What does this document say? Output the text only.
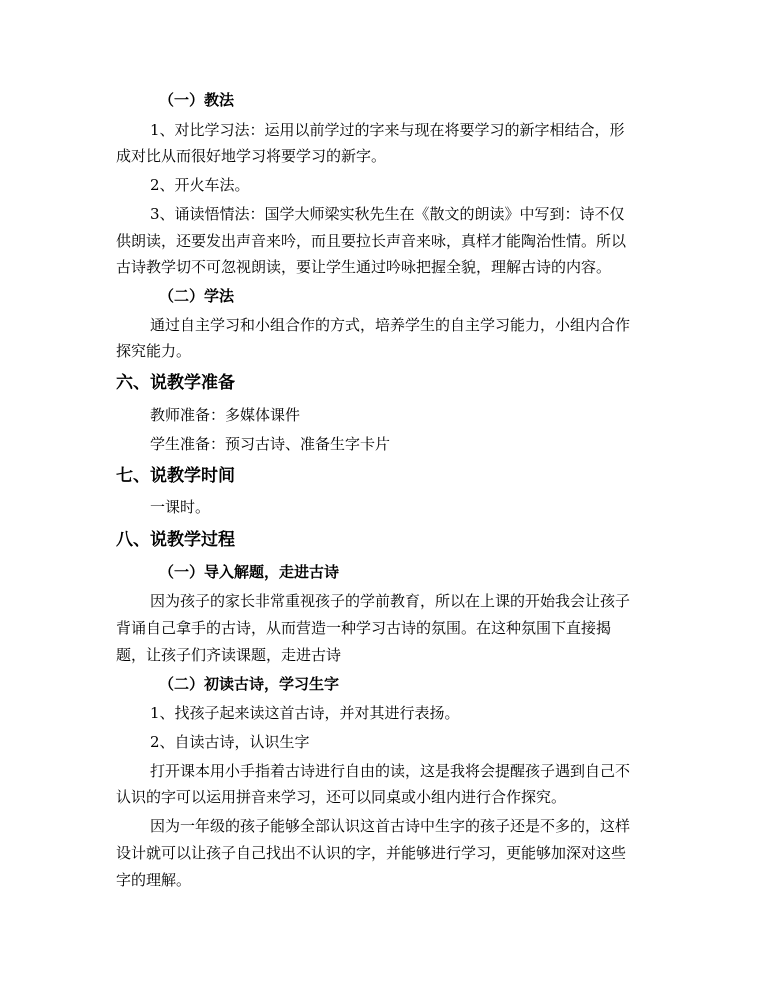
（一）教法

1、对比学习法：运用以前学过的字来与现在将要学习的新字相结合，形

成对比从而很好地学习将要学习的新字。

2、开火车法。

3、诵读悟情法：国学大师梁实秋先生在《散文的朗读》中写到：诗不仅

供朗读，还要发出声音来吟，而且要拉长声音来咏，真样才能陶治性情。所以

古诗教学切不可忽视朗读，要让学生通过吟咏把握全貌，理解古诗的内容。

（二）学法

通过自主学习和小组合作的方式，培养学生的自主学习能力，小组内合作

探究能力。

六、说教学准备

教师准备：多媒体课件

学生准备：预习古诗、准备生字卡片

七、说教学时间

一课时。

八、说教学过程

（一）导入解题，走进古诗

因为孩子的家长非常重视孩子的学前教育，所以在上课的开始我会让孩子

背诵自己拿手的古诗，从而营造一种学习古诗的氛围。在这种氛围下直接揭

题，让孩子们齐读课题，走进古诗

（二）初读古诗，学习生字

1、找孩子起来读这首古诗，并对其进行表扬。

2、自读古诗，认识生字

打开课本用小手指着古诗进行自由的读，这是我将会提醒孩子遇到自己不

认识的字可以运用拼音来学习，还可以同桌或小组内进行合作探究。

因为一年级的孩子能够全部认识这首古诗中生字的孩子还是不多的，这样

设计就可以让孩子自己找出不认识的字，并能够进行学习，更能够加深对这些

字的理解。
